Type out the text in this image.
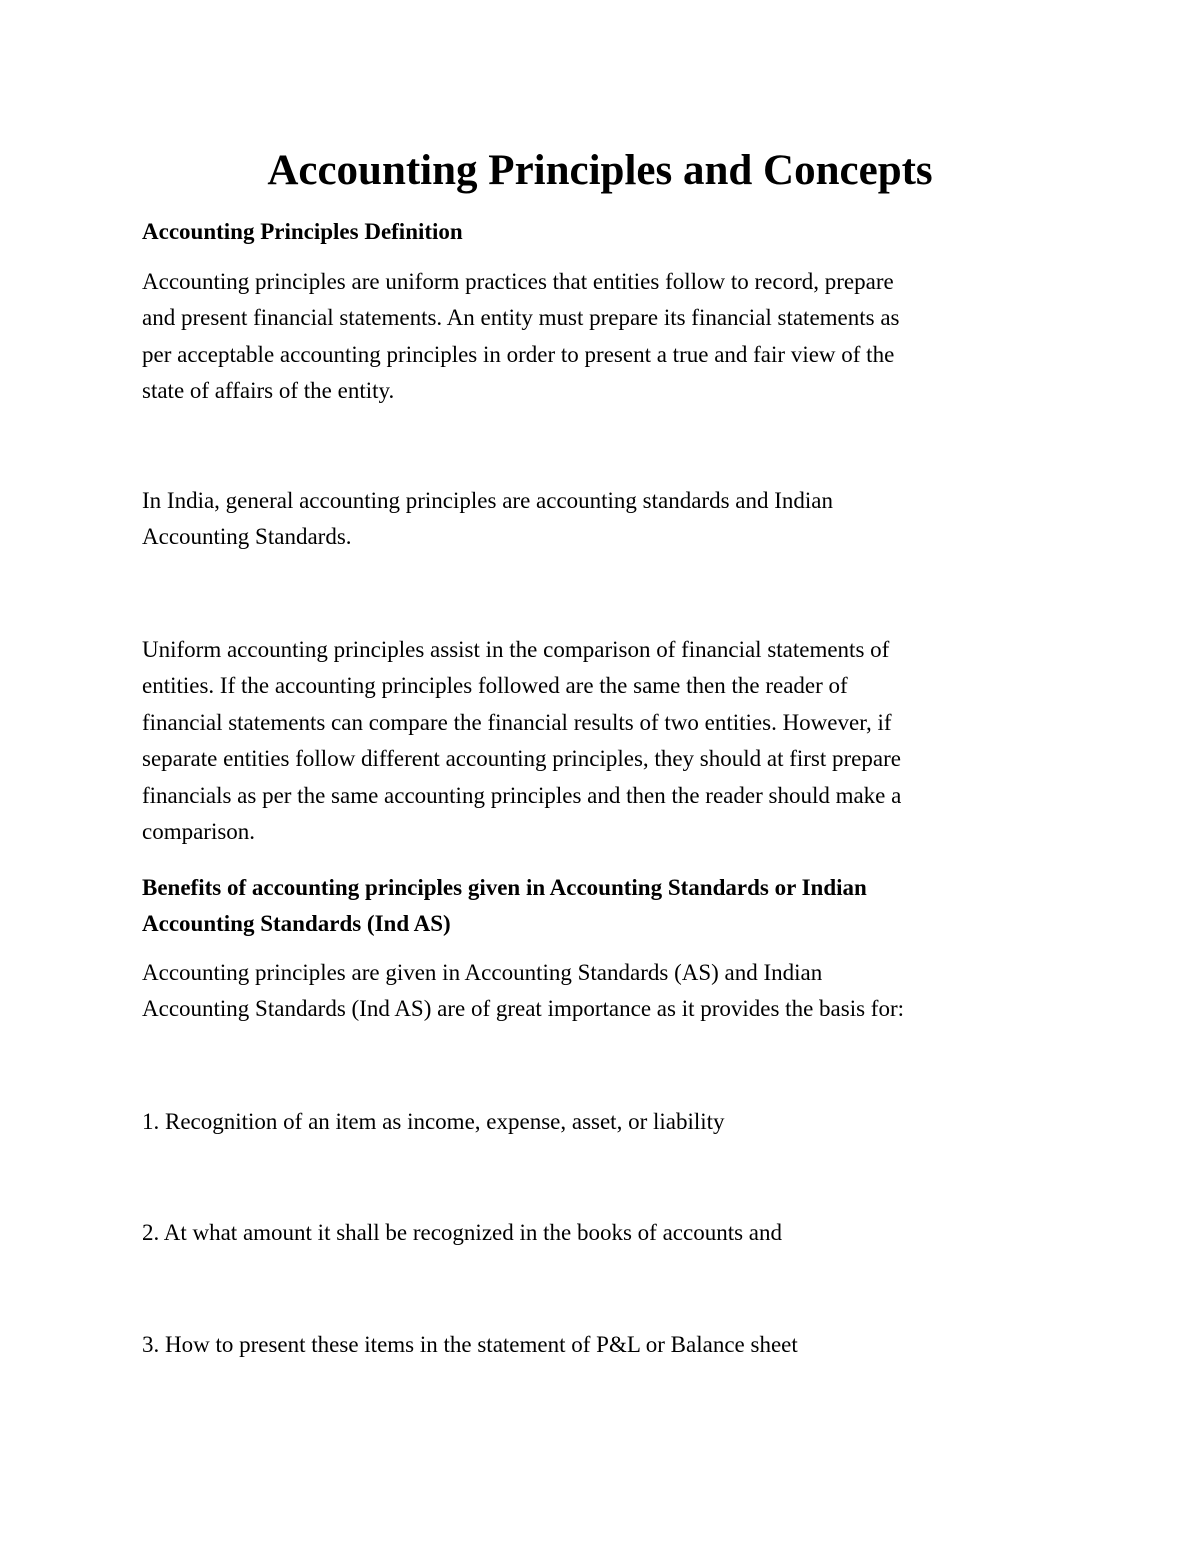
Accounting Principles and Concepts
Accounting Principles Definition

Accounting principles are uniform practices that entities follow to record, prepare
and present financial statements. An entity must prepare its financial statements as
per acceptable accounting principles in order to present a true and fair view of the
state of affairs of the entity.

In India, general accounting principles are accounting standards and Indian
Accounting Standards.

Uniform accounting principles assist in the comparison of financial statements of
entities. If the accounting principles followed are the same then the reader of
financial statements can compare the financial results of two entities. However, if
separate entities follow different accounting principles, they should at first prepare
financials as per the same accounting principles and then the reader should make a
comparison.

Benefits of accounting principles given in Accounting Standards or Indian
Accounting Standards (Ind AS)

Accounting principles are given in Accounting Standards (AS) and Indian
Accounting Standards (Ind AS) are of great importance as it provides the basis for:

1. Recognition of an item as income, expense, asset, or liability

2. At what amount it shall be recognized in the books of accounts and

3. How to present these items in the statement of P&L or Balance sheet
